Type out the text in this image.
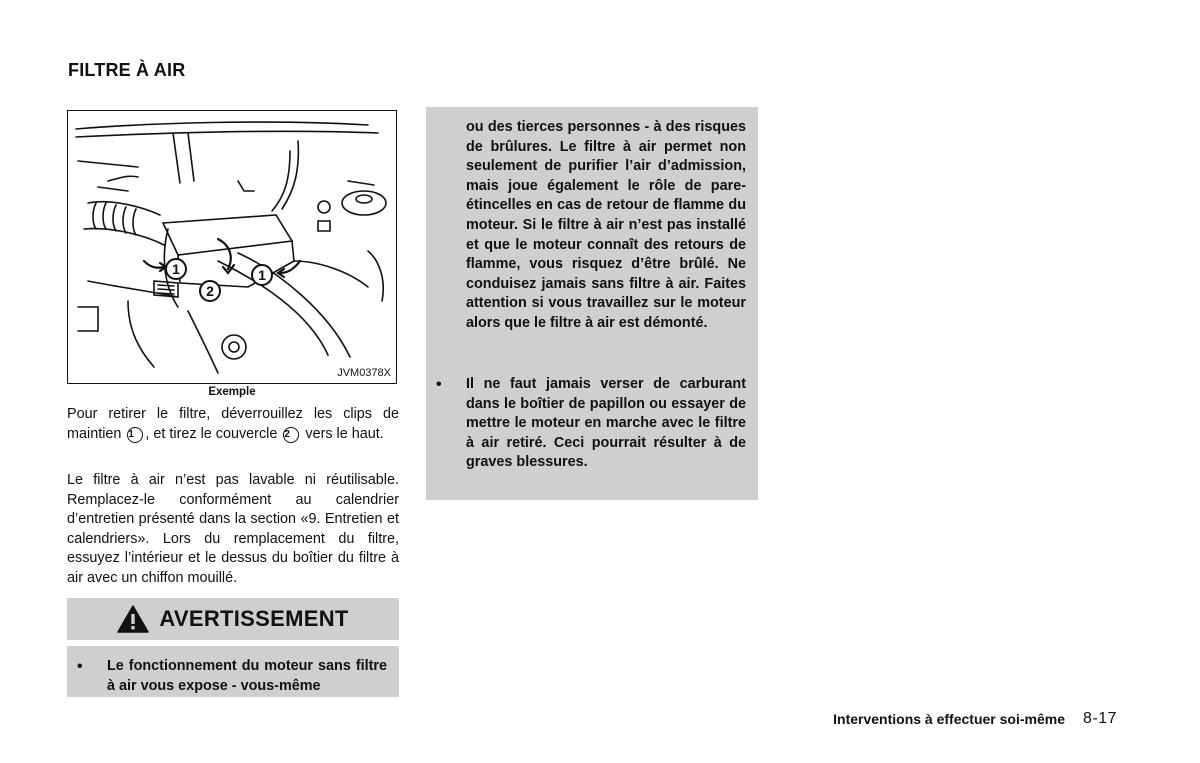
FILTRE À AIR
1
2
1
JVM0378X
Exemple

Pour retirer le filtre, déverrouillez les clips de maintien 1 , et tirez le couvercle 2 vers le haut.

Le filtre à air n’est pas lavable ni réutilisable. Remplacez-le conformément au calendrier d’entretien présenté dans la section «9. Entretien et calendriers». Lors du remplacement du filtre, essuyez l’intérieur et le dessus du boîtier du filtre à air avec un chiffon mouillé.

AVERTISSEMENT
• Le fonctionnement du moteur sans filtre à air vous expose - vous-même

ou des tierces personnes - à des risques de brûlures. Le filtre à air permet non seulement de purifier l’air d’admission, mais joue également le rôle de pare-étincelles en cas de retour de flamme du moteur. Si le filtre à air n’est pas installé et que le moteur connaît des retours de flamme, vous risquez d’être brûlé. Ne conduisez jamais sans filtre à air. Faites attention si vous travaillez sur le moteur alors que le filtre à air est démonté.

• Il ne faut jamais verser de carburant dans le boîtier de papillon ou essayer de mettre le moteur en marche avec le filtre à air retiré. Ceci pourrait résulter à de graves blessures.

Interventions à effectuer soi-même 8-17
